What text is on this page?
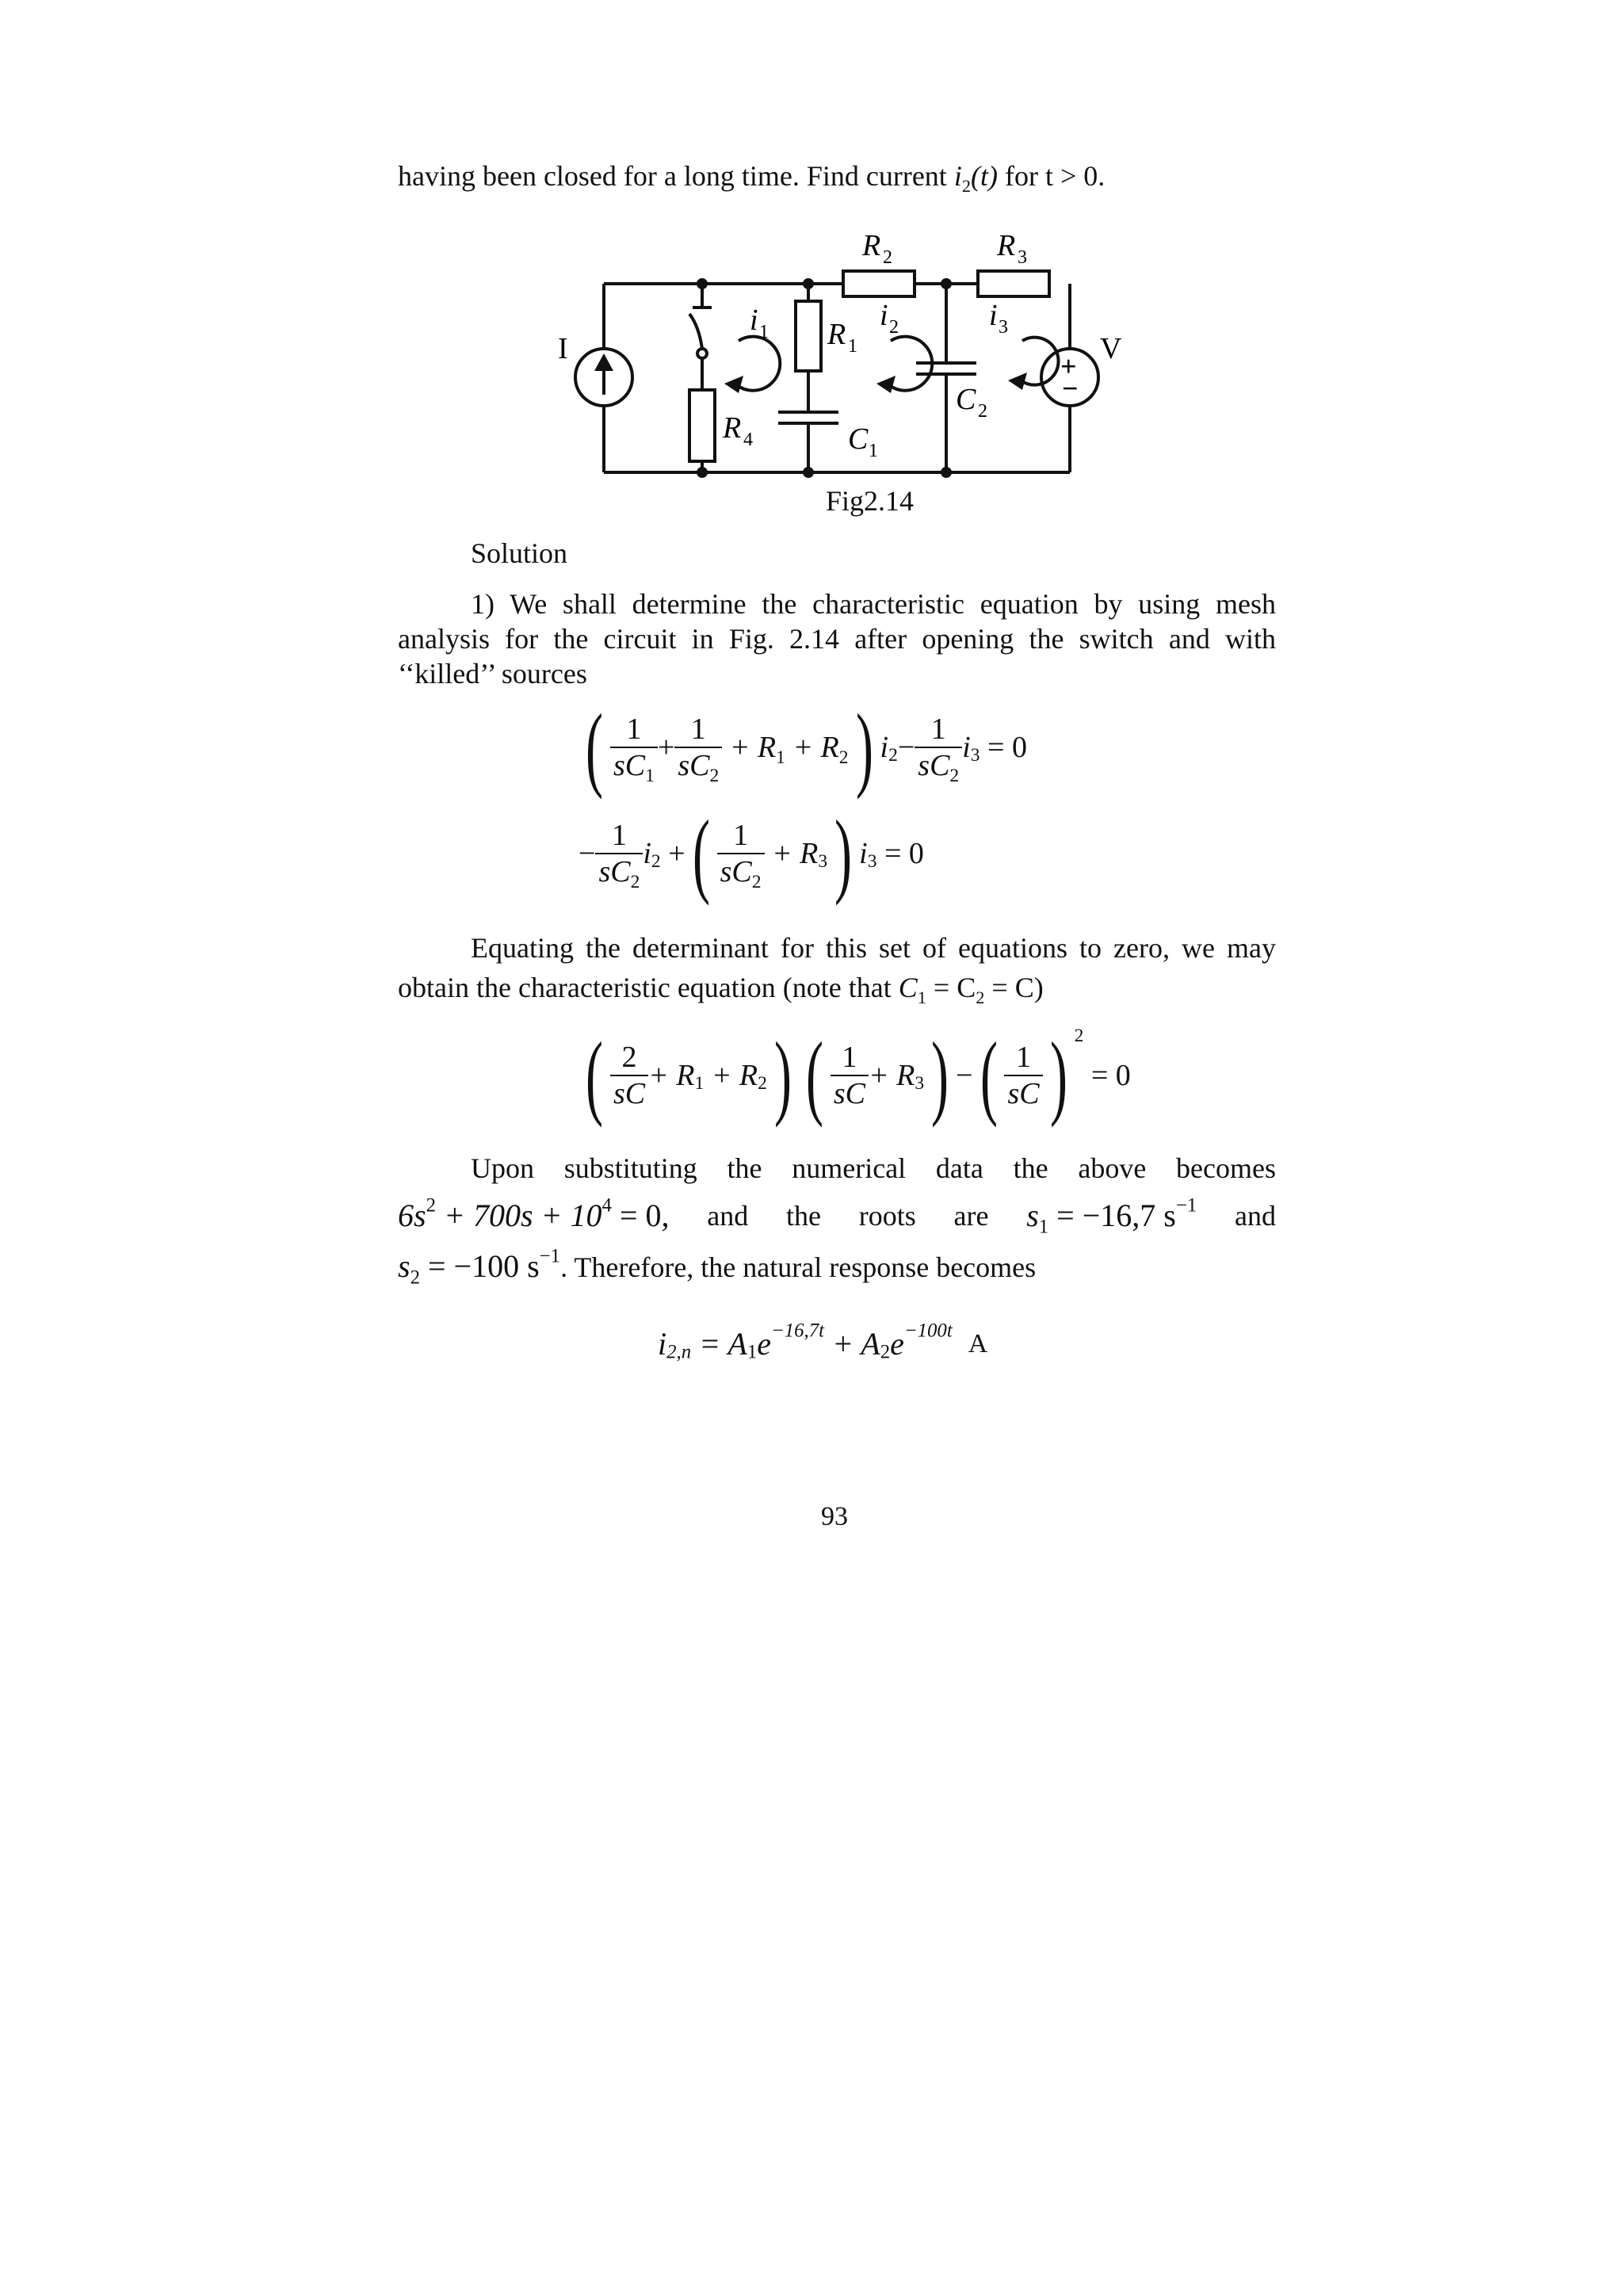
having been closed for a long time. Find current $i_2(t)$ for t > 0.
I	V
+
−
R 2	R 3
R 1
R 4	C 1
C 2
i 1	i 2	i 3
Fig2.14
Solution
1) We shall determine the characteristic equation by using mesh analysis for the circuit in Fig. 2.14 after opening the switch and with ‘‘killed’’ sources
( $\frac{1}{sC_1} + \frac{1}{sC_2} + R_1 + R_2$) $i_2- \frac{1}{sC_2} i_3 = 0$
− $\frac{1}{sC_2} i_2$ +( $\frac{1}{sC_2} + R_3$) $i_3 = 0$
Equating the determinant for this set of equations to zero, we may
obtain the characteristic equation (note that $C_1 = C_2 = C$)
( $\frac{2}{sC} + R_1 + R_2$) ( $\frac{1}{sC} + R_3$) −( $\frac{1}{sC}$ ) $^2$ = 0
Upon substituting the numerical data the above becomes
$6s^2 + 700s + 10^4 = 0$, and the roots are $s_1 = -16,7$ $s^{-1}$ and
$s_2 = -100$ $s^{-1}$. Therefore, the natural response becomes
$i_{2,n} = A_1e^{-16,7t} + A_2e^{-100t}$ A
93
